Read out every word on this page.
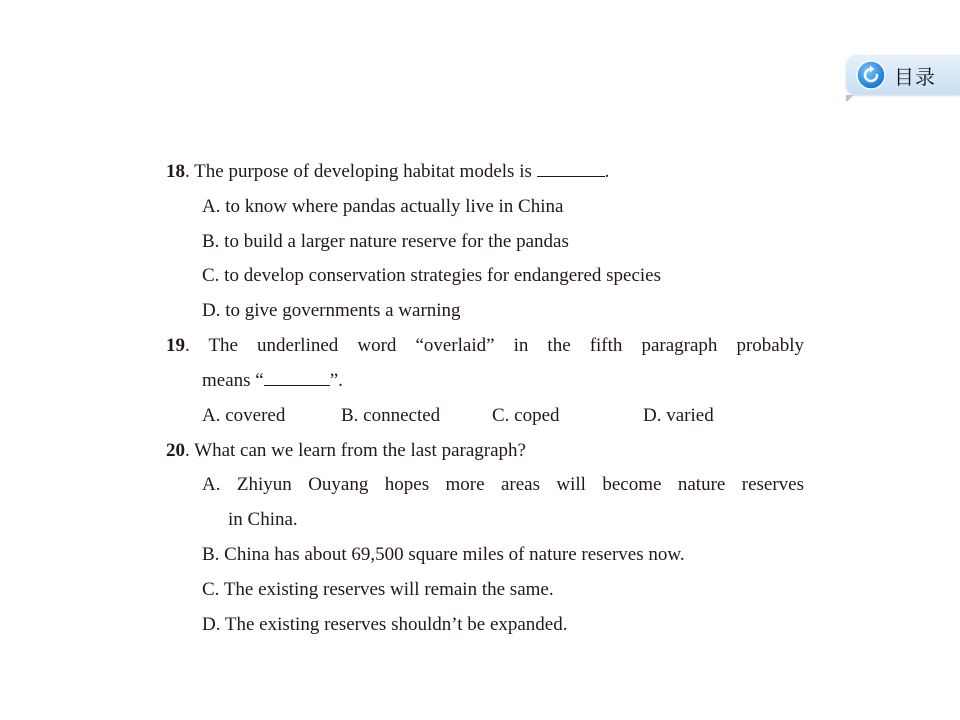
目录
18. The purpose of developing habitat models is	.
A. to know where pandas actually live in China
B. to build a larger nature reserve for the pandas
C. to develop conservation strategies for endangered species
D. to give governments a warning
19. The underlined word “overlaid” in the fifth paragraph probably
means “	”.
A. covered	B. connected	C. coped	D. varied
20. What can we learn from the last paragraph?
A. Zhiyun Ouyang hopes more areas will become nature reserves
in China.
B. China has about 69,500 square miles of nature reserves now.
C. The existing reserves will remain the same.
D. The existing reserves shouldn’t be expanded.
